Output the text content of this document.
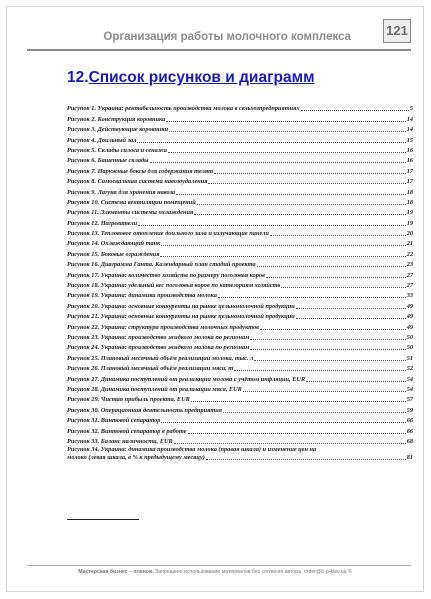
Организация работы молочного комплекса	121
12.Список рисунков и диаграмм
Рисунок 1. Украина: рентабельность производства молока в сельхозпредприятиях	5
Рисунок 2. Конструкция коровника	14
Рисунок 3. Действующие коровники	14
Рисунок 4. Доильный зал	15
Рисунок 5. Склады силоса и сенажа	16
Рисунок 6. Башенные склады	16
Рисунок 7. Наружные боксы для содержания телят	17
Рисунок 8. Самосвальная система навозоудаления	17
Рисунок 9. Лагуна для хранения навоза	18
Рисунок 10. Система вентиляции помещений	18
Рисунок 11. Элементы системы охлаждения	19
Рисунок 12. Нагреватели	19
Рисунок 13. Теплововое отопление доильного зала и излучающие панели	20
Рисунок 14. Охлаждающий танк	21
Рисунок 15. Боковые ограждения	22
Рисунок 16. Диаграмма Ганта. Календарный план стадий проекта	23
Рисунок 17. Украина: количество хозяйств по размеру поголовья коров	27
Рисунок 18. Украина: удельный вес поголовья коров по категориям хозяйств	27
Рисунок 19. Украина: динамика производства молока	33
Рисунок 20. Украина: основные конкуренты на рынке цельномолочной продукции	49
Рисунок 21. Украина: основные конкуренты на рынке цельномолочной продукции	49
Рисунок 22. Украина: структура производства молочных продуктов	49
Рисунок 23. Украина: производство жидкого молока по регионам	50
Рисунок 24. Украина: производство жидкого молока по регионам	50
Рисунок 25. Плановый месячный объём реализации молока, тыс. л	51
Рисунок 26. Плановый месячный объём реализации мяса, т	52
Рисунок 27. Динамика поступлений от реализации молока с учётом инфляции, EUR	54
Рисунок 28. Динамика поступлений от реализации мяса, EUR	54
Рисунок 29. Чистая прибыль проекта, EUR	57
Рисунок 30. Операционная деятельность предприятия	59
Рисунок 31. Винтовой сепаратор	66
Рисунок 32. Винтовой сепаратор в работе	66
Рисунок 33. Баланс наличности, EUR	68
Рисунок 34. Украина: динамика производства молока (правая шкала) и изменение цен на
молоко (левая шкала, в % к предыдущему месяцу)	81
Мастерская бизнес – планов. Запрещено использование материалов без согласия автора. order@b-p-kiev.ua ©
